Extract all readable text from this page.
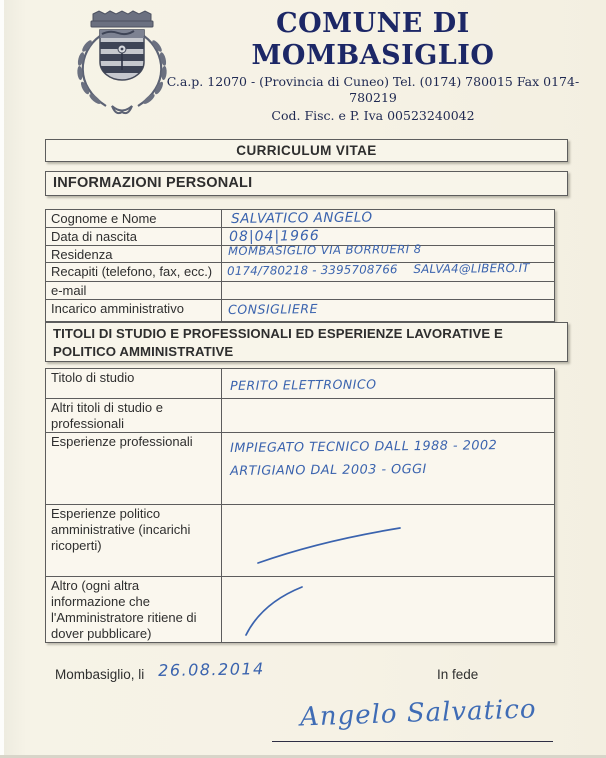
COMUNE DI MOMBASIGLIO
C.a.p. 12070 - (Provincia di Cuneo) Tel. (0174) 780015 Fax 0174-780219
Cod. Fisc. e P. Iva 00523240042
CURRICULUM VITAE
INFORMAZIONI PERSONALI
Cognome e Nome	SALVATICO ANGELO
Data di nascita	08|04|1966
Residenza	MOMBASIGLIO VIA BORRUERI 8
Recapiti (telefono, fax, ecc.)	0174/780218 - 3395708766    SALVA4@LIBERO.IT
e-mail
Incarico amministrativo	CONSIGLIERE
TITOLI DI STUDIO E PROFESSIONALI ED ESPERIENZE LAVORATIVE E POLITICO AMMINISTRATIVE
Titolo di studio	PERITO ELETTRONICO
Altri titoli di studio e professionali
Esperienze professionali	IMPIEGATO TECNICO DALL 1988 - 2002
ARTIGIANO DAL 2003 - OGGI
Esperienze politico amministrative (incarichi ricoperti)
Altro (ogni altra informazione che l'Amministratore ritiene di dover pubblicare)
Mombasiglio, li 26.08.2014	In fede
Angelo Salvatico
